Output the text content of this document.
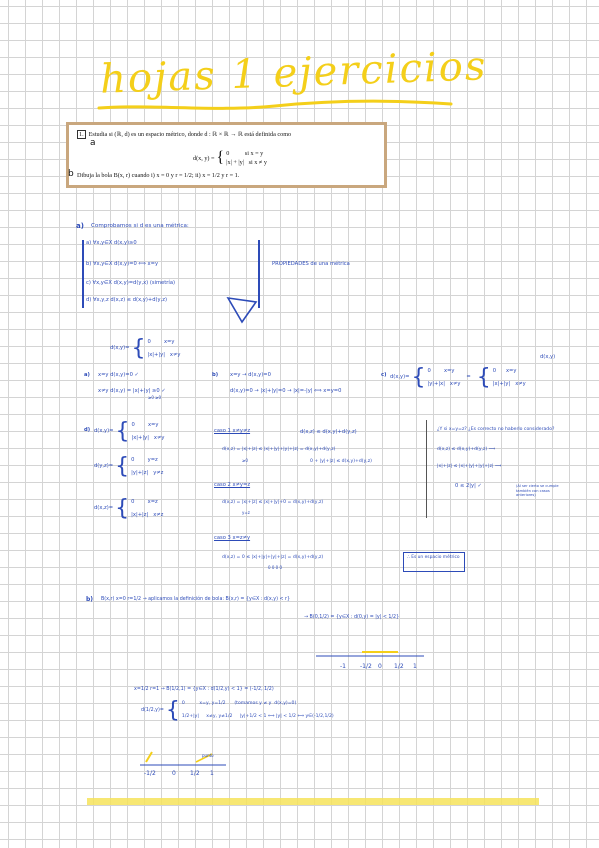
hojas 1 ejercicios
1. Estudia si (ℝ, d) es un espacio métrico, donde d : ℝ × ℝ → ℝ está definida como
d(x, y) = { 0          si x = y
|x| + |y|   si x ≠ y
Dibuja la bola B(x, r) cuando i) x = 0 y r = 1/2; ii) x = 1/2 y r = 1.
a
b
a) Comprobamos si d es una métrica:
a) ∀x,y∈X d(x,y)≥0
b) ∀x,y∈X d(x,y)=0 ⟺ x=y
c) ∀x,y∈X d(x,y)=d(y,x) (simetría)
d) ∀x,y,z d(x,z) ≤ d(x,y)+d(y,z)
PROPIEDADES de una métrica
d(x,y)= { 0        x=y
|x|+|y|   x≠y
a) x=y d(x,y)=0 ✓
x≠y d(x,y) = |x|+|y| ≥0 ✓
≥0 ≥0
b) x=y → d(x,y)=0
d(x,y)=0 → |x|+|y|=0 → |x|=-|y| ⟺ x=y=0
c) d(x,y)= { 0        x=y
|y|+|x|   x≠y
= { 0      x=y
|x|+|y|   x≠y
d(x,y)
d) d(x,y)= { 0        x=y
|x|+|y|   x≠y
d(y,z)= { 0        y=z
|y|+|z|   y≠z
d(x,z)= { 0        x=z
|x|+|z|   x≠z
caso 1 x≠y≠z	d(x,z) ≤ d(x,y)+d(y,z)
d(x,z) = |x|+|z| ≤ |x|+|y|+|y|+|z| = d(x,y)+d(y,z)
0 + |y|+|z| ≤ d(x,y)+d(y,z)
≥0
caso 2 x≠y=z
d(x,z) = |x|+|z| ≤ |x|+|y|+0 = d(x,y)+d(y,z)
y=z
caso 3 x=z≠y
d(x,z) = 0 ≤ |x|+|y|+|y|+|z| = d(x,y)+d(y,z)
0 0 0 0
∴ Es un espacio métrico
¿Y si x=y=z? ¿Es correcto no haberlo considerado?
d(x,z) ≤ d(x,y)+d(y,z) ⟹
|x|+|z| ≤ |x|+|y|+|y|+|z| ⟹
0 ≤ 2|y| ✓	(Al ser cierto se cumple también con casos anteriores)
b) B(x,r) x=0 r=1/2 → aplicamos la definición de bola: B(x,r) = {y∈X : d(x,y) < r}
→ B(0,1/2) = {y∈X : d(0,y) = |y| < 1/2}
-1 -1/2 0 1/2 1
x=1/2 r=1 → B(1/2,1) = {y∈X : d(1/2,y) < 1} = (-1/2, 1/2)
d(1/2,y)= { 0          x=y, y=1/2      (tomamos y ≠ y  d(x,y)=0)
1/2+|y|     x≠y, y≠1/2     |y|+1/2 < 1 ⟺ |y| < 1/2 ⟺ y∈(-1/2,1/2)
punto
-1/2	0 1/2 1
